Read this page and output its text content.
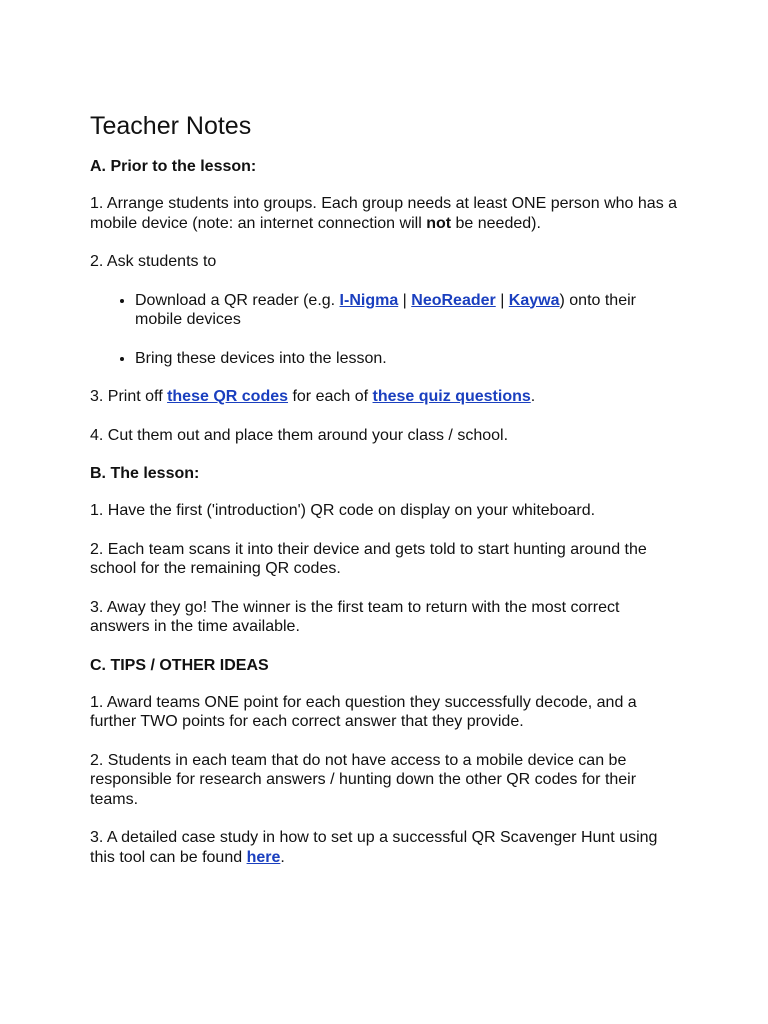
Teacher Notes
A. Prior to the lesson:

1. Arrange students into groups. Each group needs at least ONE person who has a mobile device (note: an internet connection will not be needed).

2. Ask students to

• Download a QR reader (e.g. I-Nigma | NeoReader | Kaywa) onto their mobile devices
• Bring these devices into the lesson.

3. Print off these QR codes for each of these quiz questions.

4. Cut them out and place them around your class / school.

B. The lesson:

1. Have the first ('introduction') QR code on display on your whiteboard.

2. Each team scans it into their device and gets told to start hunting around the school for the remaining QR codes.

3. Away they go! The winner is the first team to return with the most correct answers in the time available.

C. TIPS / OTHER IDEAS

1. Award teams ONE point for each question they successfully decode, and a further TWO points for each correct answer that they provide.

2. Students in each team that do not have access to a mobile device can be responsible for research answers / hunting down the other QR codes for their teams.

3. A detailed case study in how to set up a successful QR Scavenger Hunt using this tool can be found here.
